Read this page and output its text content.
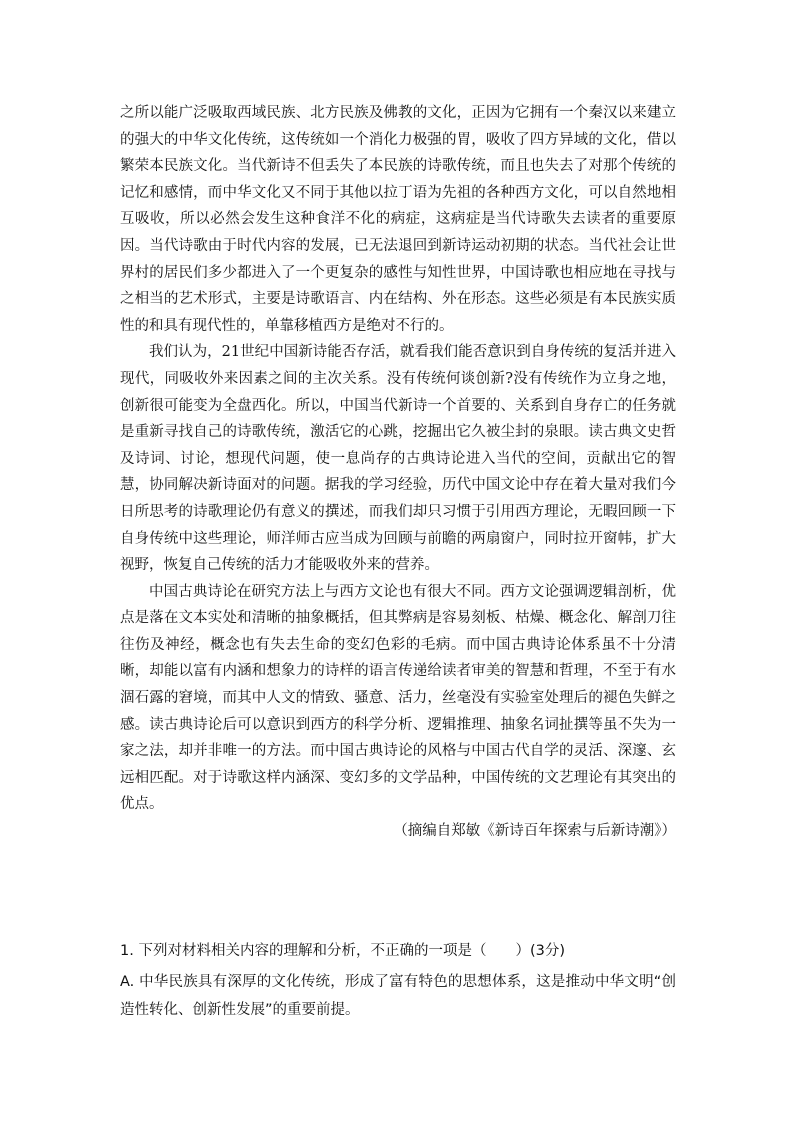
之所以能广泛吸取西域民族、北方民族及佛教的文化，正因为它拥有一个秦汉以来建立的强大的中华文化传统，这传统如一个消化力极强的胃，吸收了四方异域的文化，借以繁荣本民族文化。当代新诗不但丢失了本民族的诗歌传统，而且也失去了对那个传统的记忆和感情，而中华文化又不同于其他以拉丁语为先祖的各种西方文化，可以自然地相互吸收，所以必然会发生这种食洋不化的病症，这病症是当代诗歌失去读者的重要原因。当代诗歌由于时代内容的发展，已无法退回到新诗运动初期的状态。当代社会让世界村的居民们多少都进入了一个更复杂的感性与知性世界，中国诗歌也相应地在寻找与之相当的艺术形式，主要是诗歌语言、内在结构、外在形态。这些必须是有本民族实质性的和具有现代性的，单靠移植西方是绝对不行的。

我们认为，21世纪中国新诗能否存活，就看我们能否意识到自身传统的复活并进入现代，同吸收外来因素之间的主次关系。没有传统何谈创新?没有传统作为立身之地，创新很可能变为全盘西化。所以，中国当代新诗一个首要的、关系到自身存亡的任务就是重新寻找自己的诗歌传统，激活它的心跳，挖掘出它久被尘封的泉眼。读古典文史哲及诗词、讨论，想现代问题，使一息尚存的古典诗论进入当代的空间，贡献出它的智慧，协同解决新诗面对的问题。据我的学习经验，历代中国文论中存在着大量对我们今日所思考的诗歌理论仍有意义的撰述，而我们却只习惯于引用西方理论，无暇回顾一下自身传统中这些理论，师洋师古应当成为回顾与前瞻的两扇窗户，同时拉开窗帏，扩大视野，恢复自己传统的活力才能吸收外来的营养。

中国古典诗论在研究方法上与西方文论也有很大不同。西方文论强调逻辑剖析，优点是落在文本实处和清晰的抽象概括，但其弊病是容易刻板、枯燥、概念化、解剖刀往往伤及神经，概念也有失去生命的变幻色彩的毛病。而中国古典诗论体系虽不十分清晰，却能以富有内涵和想象力的诗样的语言传递给读者审美的智慧和哲理，不至于有水涸石露的窘境，而其中人文的情致、骚意、活力，丝毫没有实验室处理后的褪色失鲜之感。读古典诗论后可以意识到西方的科学分析、逻辑推理、抽象名词扯撰等虽不失为一家之法，却并非唯一的方法。而中国古典诗论的风格与中国古代自学的灵活、深邃、玄远相匹配。对于诗歌这样内涵深、变幻多的文学品种，中国传统的文艺理论有其突出的优点。

（摘编自郑敏《新诗百年探索与后新诗潮》）

1. 下列对材料相关内容的理解和分析，不正确的一项是（　　）(3分)

A. 中华民族具有深厚的文化传统，形成了富有特色的思想体系，这是推动中华文明“创造性转化、创新性发展”的重要前提。
